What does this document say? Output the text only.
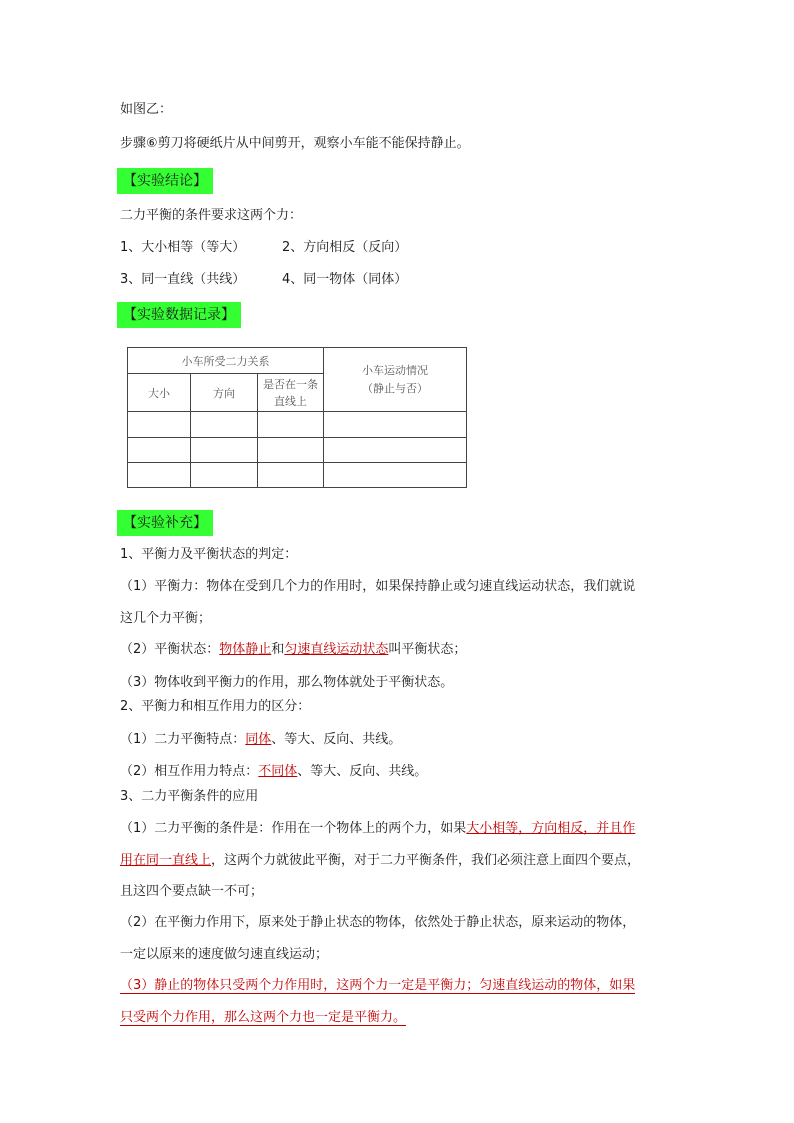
如图乙：
步骤⑥剪刀将硬纸片从中间剪开，观察小车能不能保持静止。
【实验结论】
二力平衡的条件要求这两个力：
1、大小相等（等大）	2、方向相反（反向）
3、同一直线（共线）	4、同一物体（同体）
【实验数据记录】
小车所受二力关系			小车运动情况
（静止与否）

大小	方向	是否在一条
直线上	

【实验补充】
1、平衡力及平衡状态的判定：
（1）平衡力：物体在受到几个力的作用时，如果保持静止或匀速直线运动状态，我们就说
这几个力平衡；
（2）平衡状态：物体静止和匀速直线运动状态叫平衡状态；
（3）物体收到平衡力的作用，那么物体就处于平衡状态。
2、平衡力和相互作用力的区分：
（1）二力平衡特点：同体、等大、反向、共线。
（2）相互作用力特点：不同体、等大、反向、共线。
3、二力平衡条件的应用
（1）二力平衡的条件是：作用在一个物体上的两个力，如果大小相等，方向相反，并且作
用在同一直线上，这两个力就彼此平衡，对于二力平衡条件，我们必须注意上面四个要点，
且这四个要点缺一不可；
（2）在平衡力作用下，原来处于静止状态的物体，依然处于静止状态，原来运动的物体，
一定以原来的速度做匀速直线运动；
（3）静止的物体只受两个力作用时，这两个力一定是平衡力；匀速直线运动的物体，如果
只受两个力作用，那么这两个力也一定是平衡力。
